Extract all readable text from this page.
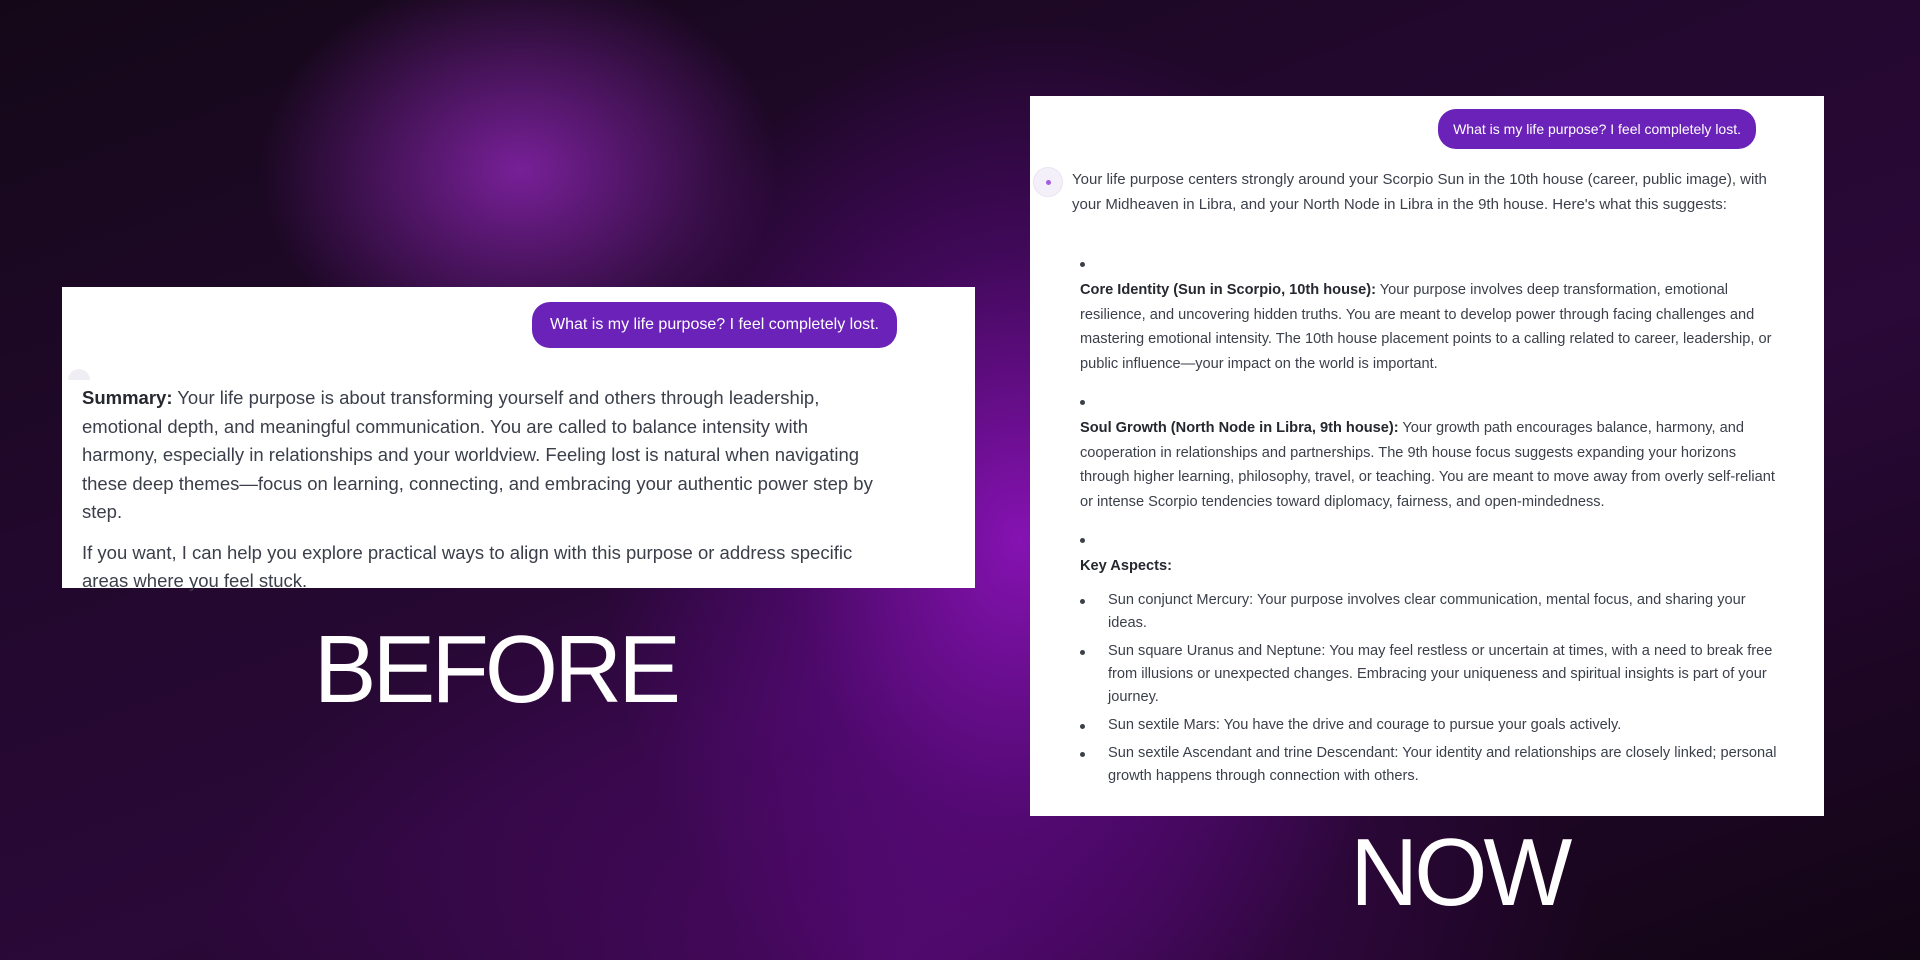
What is my life purpose? I feel completely lost.

Summary: Your life purpose is about transforming yourself and others through leadership, emotional depth, and meaningful communication. You are called to balance intensity with harmony, especially in relationships and your worldview. Feeling lost is natural when navigating these deep themes—focus on learning, connecting, and embracing your authentic power step by step.

If you want, I can help you explore practical ways to align with this purpose or address specific areas where you feel stuck.

BEFORE
What is my life purpose? I feel completely lost.
Your life purpose centers strongly around your Scorpio Sun in the 10th house (career, public image), with your Midheaven in Libra, and your North Node in Libra in the 9th house. Here's what this suggests:
Core Identity (Sun in Scorpio, 10th house): Your purpose involves deep transformation, emotional resilience, and uncovering hidden truths. You are meant to develop power through facing challenges and mastering emotional intensity. The 10th house placement points to a calling related to career, leadership, or public influence—your impact on the world is important.
Soul Growth (North Node in Libra, 9th house): Your growth path encourages balance, harmony, and cooperation in relationships and partnerships. The 9th house focus suggests expanding your horizons through higher learning, philosophy, travel, or teaching. You are meant to move away from overly self-reliant or intense Scorpio tendencies toward diplomacy, fairness, and open-mindedness.
Key Aspects:
Sun conjunct Mercury: Your purpose involves clear communication, mental focus, and sharing your ideas.
Sun square Uranus and Neptune: You may feel restless or uncertain at times, with a need to break free from illusions or unexpected changes. Embracing your uniqueness and spiritual insights is part of your journey.
Sun sextile Mars: You have the drive and courage to pursue your goals actively.
Sun sextile Ascendant and trine Descendant: Your identity and relationships are closely linked; personal growth happens through connection with others.
NOW
